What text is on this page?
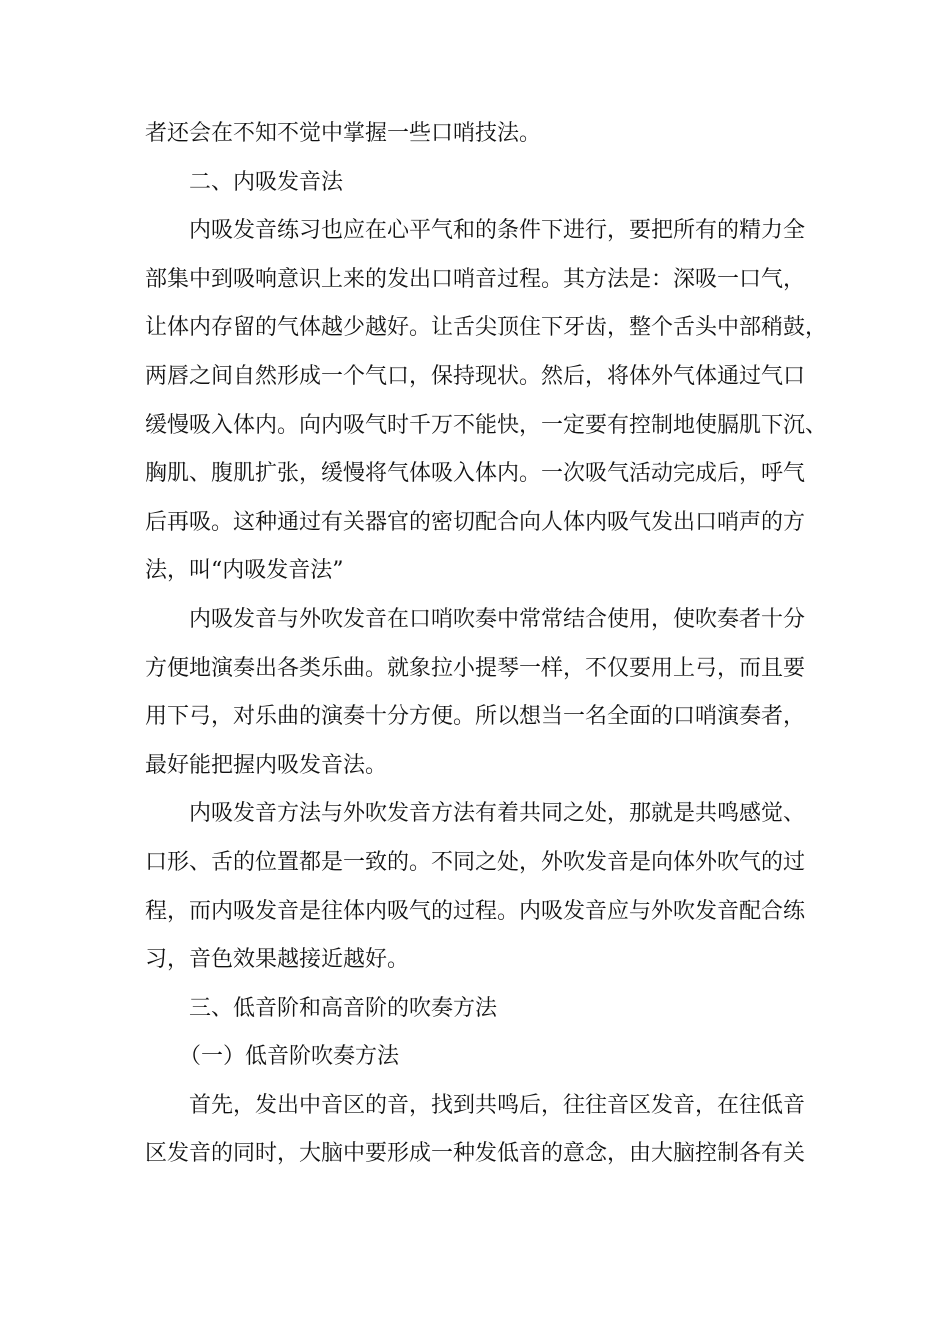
者还会在不知不觉中掌握一些口哨技法。
二、内吸发音法
内吸发音练习也应在心平气和的条件下进行，要把所有的精力全
部集中到吸响意识上来的发出口哨音过程。其方法是：深吸一口气，
让体内存留的气体越少越好。让舌尖顶住下牙齿，整个舌头中部稍鼓，
两唇之间自然形成一个气口，保持现状。然后，将体外气体通过气口
缓慢吸入体内。向内吸气时千万不能快，一定要有控制地使膈肌下沉、
胸肌、腹肌扩张，缓慢将气体吸入体内。一次吸气活动完成后，呼气
后再吸。这种通过有关器官的密切配合向人体内吸气发出口哨声的方
法，叫“内吸发音法”
内吸发音与外吹发音在口哨吹奏中常常结合使用，使吹奏者十分
方便地演奏出各类乐曲。就象拉小提琴一样，不仅要用上弓，而且要
用下弓，对乐曲的演奏十分方便。所以想当一名全面的口哨演奏者，
最好能把握内吸发音法。
内吸发音方法与外吹发音方法有着共同之处，那就是共鸣感觉、
口形、舌的位置都是一致的。不同之处，外吹发音是向体外吹气的过
程，而内吸发音是往体内吸气的过程。内吸发音应与外吹发音配合练
习，音色效果越接近越好。
三、低音阶和高音阶的吹奏方法
（一）低音阶吹奏方法
首先，发出中音区的音，找到共鸣后，往往音区发音，在往低音
区发音的同时，大脑中要形成一种发低音的意念，由大脑控制各有关
